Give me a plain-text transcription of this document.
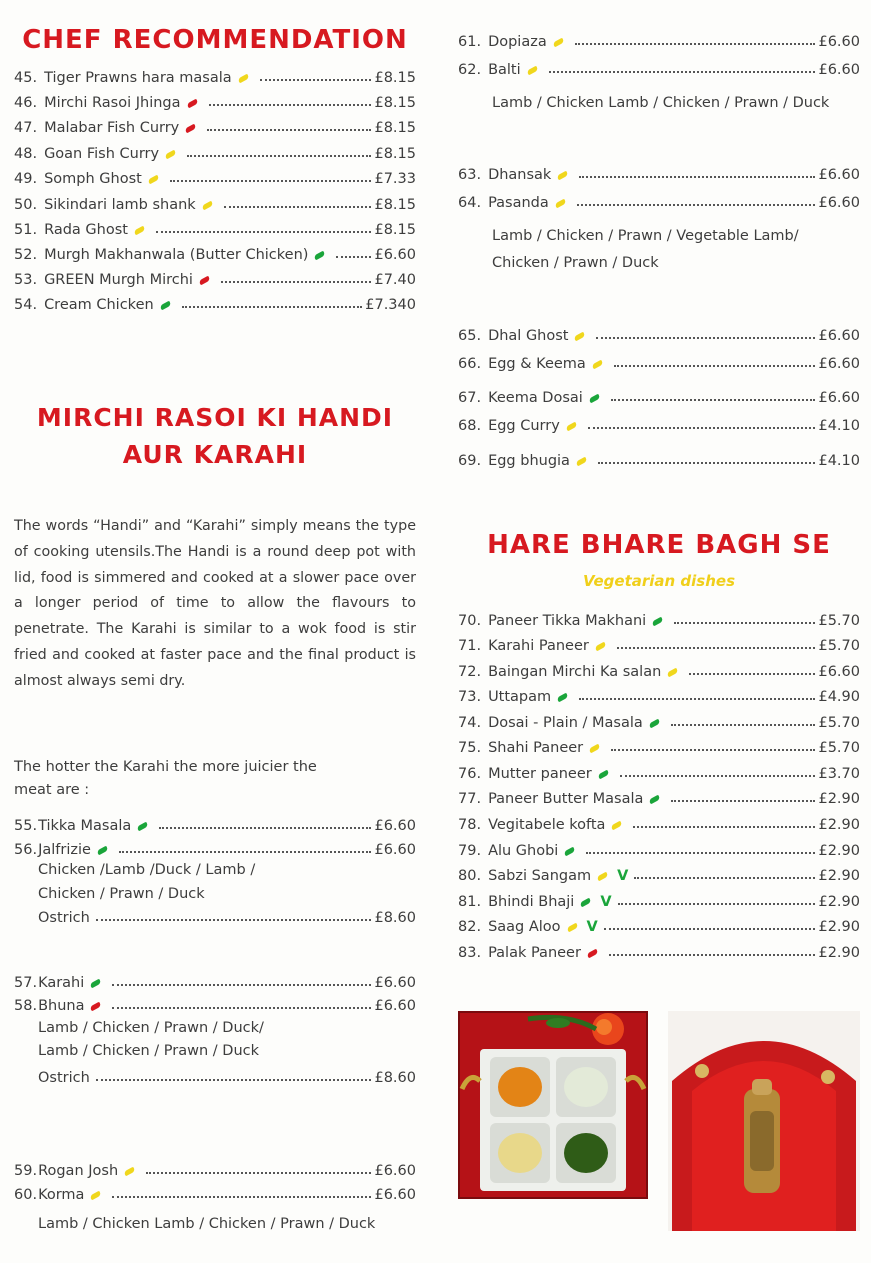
CHEF RECOMMENDATION
45. Tiger Prawns hara masala	£8.15
46. Mirchi Rasoi Jhinga	£8.15
47. Malabar Fish Curry	£8.15
48. Goan Fish Curry	£8.15
49. Somph Ghost	£7.33
50. Sikindari lamb shank	£8.15
51. Rada Ghost	£8.15
52. Murgh Makhanwala (Butter Chicken)	£6.60
53. GREEN Murgh Mirchi	£7.40
54. Cream Chicken	£7.340
MIRCHI RASOI KI HANDI
AUR KARAHI
The words “Handi” and “Karahi” simply means the type of cooking utensils.The Handi is a round deep pot with lid, food is simmered and cooked at a slower pace over a longer period of time to allow the flavours to penetrate. The Karahi is similar to a wok food is stir fried and cooked at faster pace and the final product is almost always semi dry.
The hotter the Karahi the more juicier the
meat are :
55. Tikka Masala	£6.60
56. Jalfrizie	£6.60
Chicken /Lamb /Duck / Lamb /
Chicken / Prawn / Duck
Ostrich	£8.60
57. Karahi	£6.60
58. Bhuna	£6.60
Lamb / Chicken / Prawn / Duck/
Lamb / Chicken / Prawn / Duck
Ostrich	£8.60
59. Rogan Josh	£6.60
60. Korma	£6.60
Lamb / Chicken Lamb / Chicken / Prawn / Duck
61. Dopiaza	£6.60
62. Balti	£6.60
Lamb / Chicken Lamb / Chicken / Prawn / Duck
63. Dhansak	£6.60
64. Pasanda	£6.60
Lamb / Chicken / Prawn / Vegetable Lamb/
Chicken / Prawn / Duck
65. Dhal Ghost	£6.60
66. Egg & Keema	£6.60
67. Keema Dosai	£6.60
68. Egg Curry	£4.10
69. Egg bhugia	£4.10
HARE BHARE BAGH SE
Vegetarian dishes
70. Paneer Tikka Makhani	£5.70
71. Karahi Paneer	£5.70
72. Baingan Mirchi Ka salan	£6.60
73. Uttapam	£4.90
74. Dosai - Plain / Masala	£5.70
75. Shahi Paneer	£5.70
76. Mutter paneer	£3.70
77. Paneer Butter Masala	£2.90
78. Vegitabele kofta	£2.90
79. Alu Ghobi	£2.90
80. Sabzi Sangam V	£2.90
81. Bhindi Bhaji V	£2.90
82. Saag Aloo V	£2.90
83. Palak Paneer	£2.90
